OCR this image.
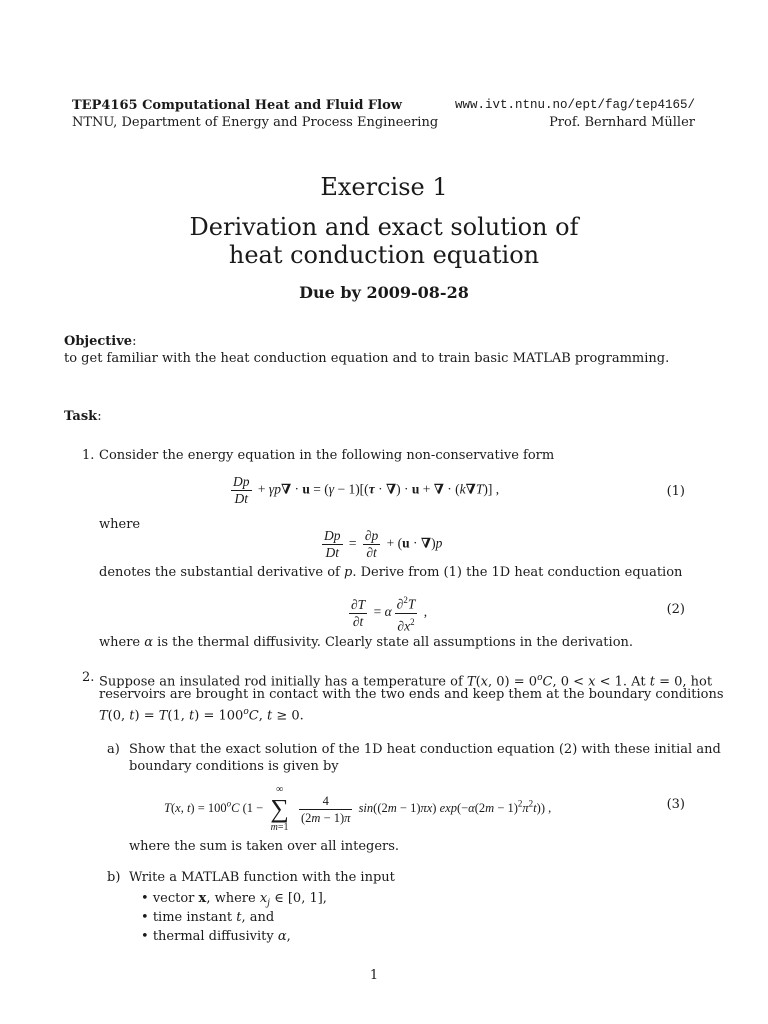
TEP4165 Computational Heat and Fluid Flow
NTNU, Department of Energy and Process Engineering
www.ivt.ntnu.no/ept/fag/tep4165/
Prof. Bernhard Müller
Exercise 1
Derivation and exact solution of
heat conduction equation
Due by 2009-08-28
Objective:
to get familiar with the heat conduction equation and to train basic MATLAB programming.
Task:
1. Consider the energy equation in the following non-conservative form
$\frac{Dp}{Dt} + \gamma p\nabla \cdot u = (\gamma - 1)[(\tau$ · ∇) · u + ∇ · (k∇T)] ,	(1)
where
$\frac{Dp}{Dt} = \frac{\partial p}{\partial t} + (u \cdot \nabla)p$
denotes the substantial derivative of p. Derive from (1) the 1D heat conduction equation
$\frac{\partial T}{\partial t} = \alpha \frac{\partial^2T}{\partial x^2}$ ,	(2)
where α is the thermal diffusivity. Clearly state all assumptions in the derivation.
2. Suppose an insulated rod initially has a temperature of T(x, $0) = 0^oC$, 0 < x < 1. At t = 0, hot
reservoirs are brought in contact with the two ends and keep them at the boundary conditions
T(0, t) = T(1, $t) = 100^oC$, t ≥ 0.
a) Show that the exact solution of the 1D heat conduction equation (2) with these initial and
boundary conditions is given by
T(x, $t) = 100^oC$ (1 −
∞
∑
m=1

$\frac{4}{(2m - 1)\pi} \sin((2m - 1)\pi x) \exp(-\alpha(2m - 1)^2\pi^2t)$) ,	(3)
where the sum is taken over all integers.
b) Write a MATLAB function with the input
• vector x, where $x_j$ ∈ [0, 1],
• time instant t, and
• thermal diffusivity α,
1
